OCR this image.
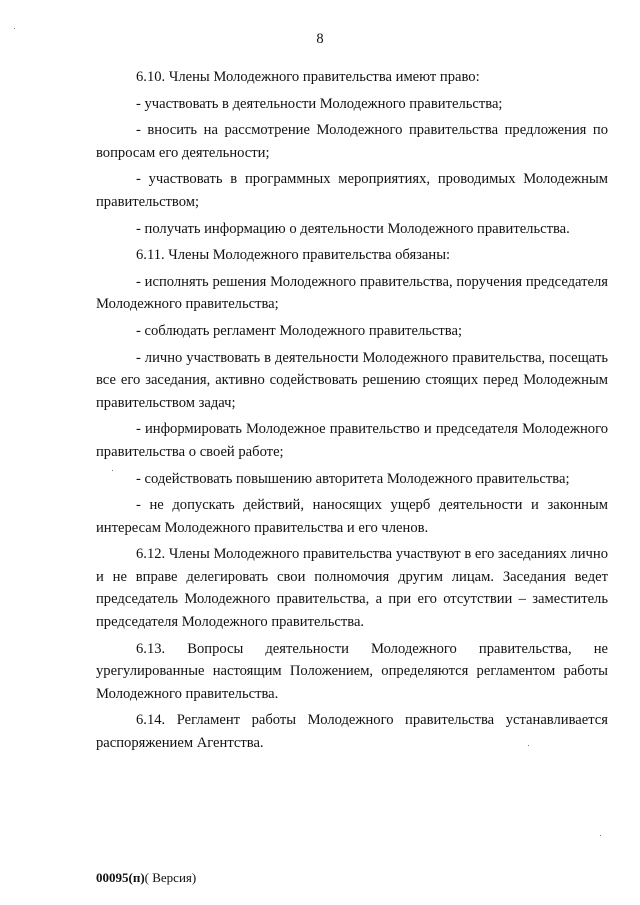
8

6.10. Члены Молодежного правительства имеют право:

- участвовать в деятельности Молодежного правительства;

- вносить на рассмотрение Молодежного правительства предложения по вопросам его деятельности;

- участвовать в программных мероприятиях, проводимых Молодежным правительством;

- получать информацию о деятельности Молодежного правительства.

6.11. Члены Молодежного правительства обязаны:

- исполнять решения Молодежного правительства, поручения председателя Молодежного правительства;

- соблюдать регламент Молодежного правительства;

- лично участвовать в деятельности Молодежного правительства, посещать все его заседания, активно содействовать решению стоящих перед Молодежным правительством задач;

- информировать Молодежное правительство и председателя Молодежного правительства о своей работе;

- содействовать повышению авторитета Молодежного правительства;

- не допускать действий, наносящих ущерб деятельности и законным интересам Молодежного правительства и его членов.

6.12. Члены Молодежного правительства участвуют в его заседаниях лично и не вправе делегировать свои полномочия другим лицам. Заседания ведет председатель Молодежного правительства, а при его отсутствии – заместитель председателя Молодежного правительства.

6.13. Вопросы деятельности Молодежного правительства, не урегулированные настоящим Положением, определяются регламентом работы Молодежного правительства.

6.14. Регламент работы Молодежного правительства устанавливается распоряжением Агентства.

00095(п)( Версия)
